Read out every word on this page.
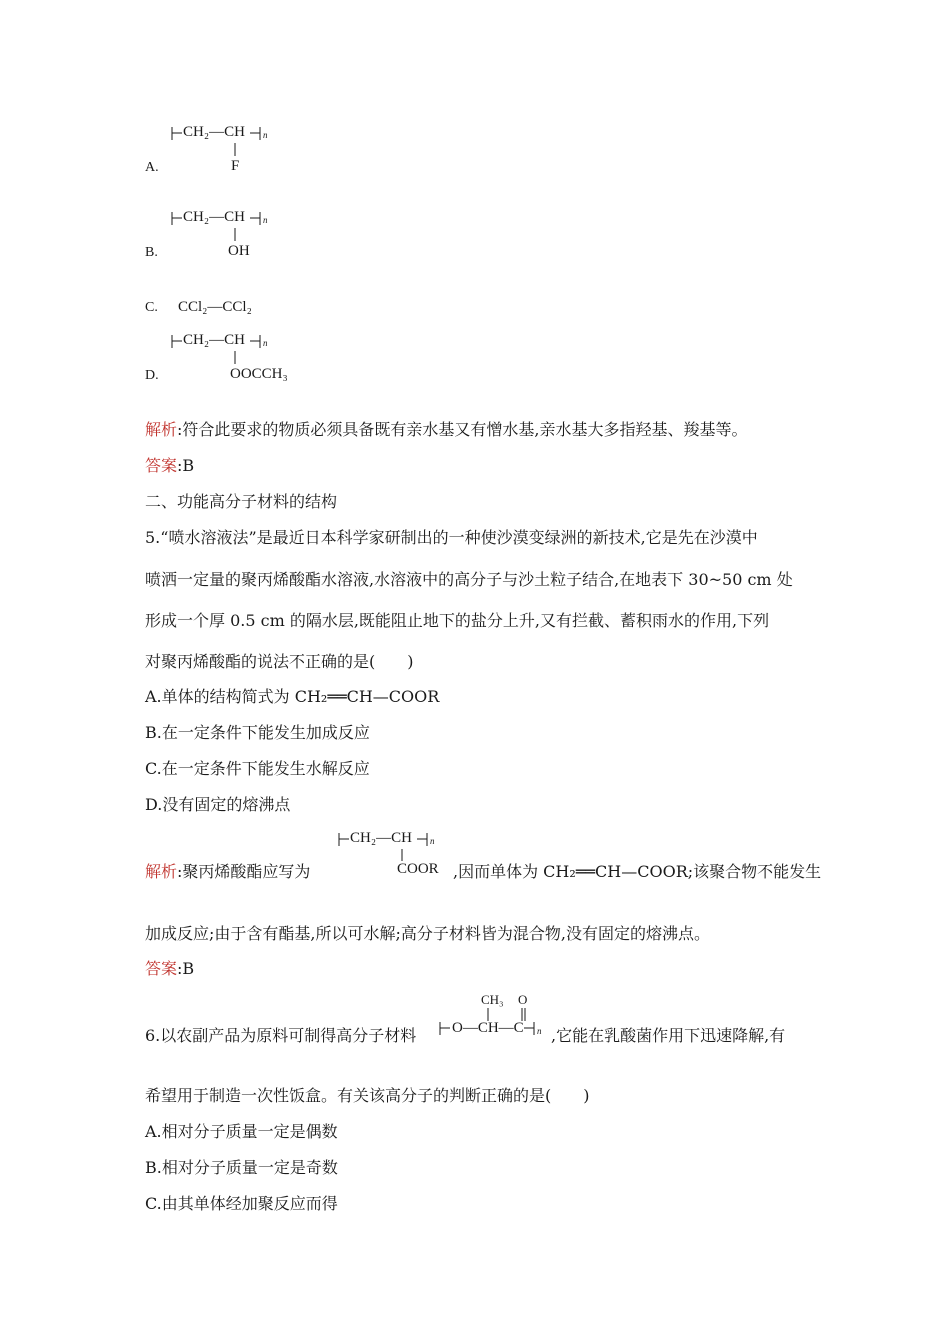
CH₂—CH n
F
A.
CH₂—CH n
OH
B.
C. CCl₂—CCl₂
CH₂—CH n
OOCCH₃
D.
解析:符合此要求的物质必须具备既有亲水基又有憎水基,亲水基大多指羟基、羧基等。
答案:B
二、功能高分子材料的结构
5.“喷水溶液法”是最近日本科学家研制出的一种使沙漠变绿洲的新技术,它是先在沙漠中
喷洒一定量的聚丙烯酸酯水溶液,水溶液中的高分子与沙土粒子结合,在地表下 30~50 cm 处
形成一个厚 0.5 cm 的隔水层,既能阻止地下的盐分上升,又有拦截、蓄积雨水的作用,下列
对聚丙烯酸酯的说法不正确的是(　　)
A.单体的结构简式为 CH₂══CH—COOR
B.在一定条件下能发生加成反应
C.在一定条件下能发生水解反应
D.没有固定的熔沸点
CH₂—CH n
COOR
解析:聚丙烯酸酯应写为	,因而单体为 CH₂══CH—COOR;该聚合物不能发生
加成反应;由于含有酯基,所以可水解;高分子材料皆为混合物,没有固定的熔沸点。
答案:B
CH₃ O
O—CH—C n
6.以农副产品为原料可制得高分子材料	,它能在乳酸菌作用下迅速降解,有
希望用于制造一次性饭盒。有关该高分子的判断正确的是(　　)
A.相对分子质量一定是偶数
B.相对分子质量一定是奇数
C.由其单体经加聚反应而得
